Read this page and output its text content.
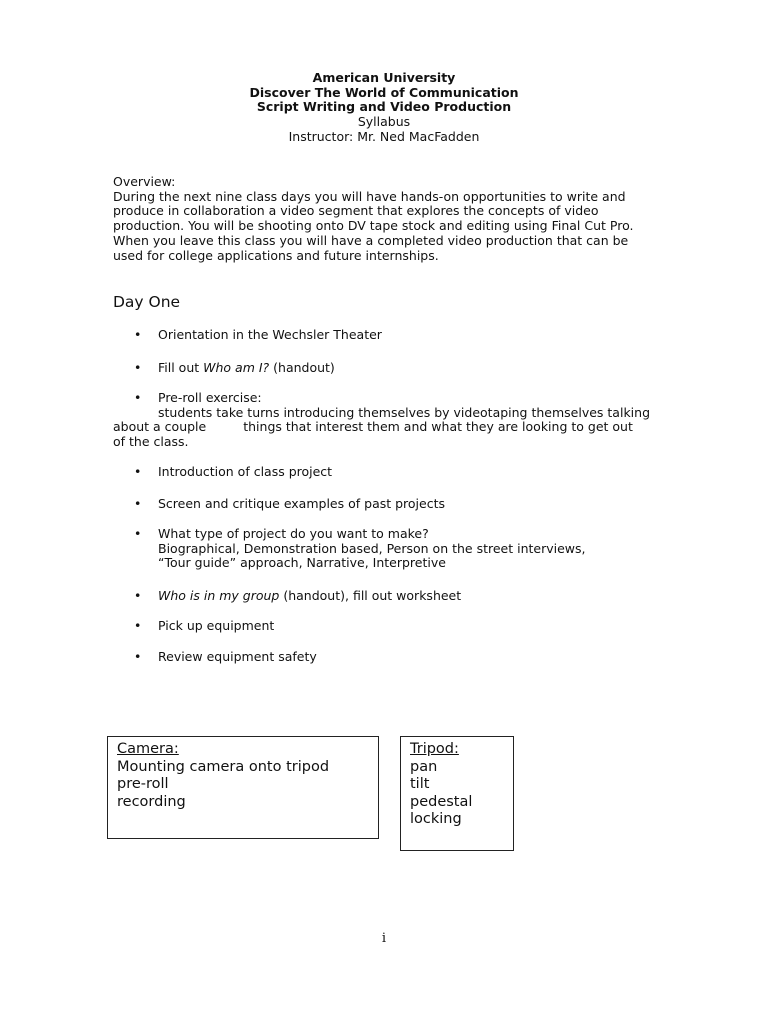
American University
Discover The World of Communication
Script Writing and Video Production
Syllabus
Instructor: Mr. Ned MacFadden

Overview:

During the next nine class days you will have hands-on opportunities to write and

produce in collaboration a video segment that explores the concepts of video

production. You will be shooting onto DV tape stock and editing using Final Cut Pro.

When you leave this class you will have a completed video production that can be

used for college applications and future internships.

Day One
• Orientation in the Wechsler Theater
• Fill out Who am I? (handout)
• Pre-roll exercise:
students take turns introducing themselves by videotaping themselves talking
about a couple	things that interest them and what they are looking to get out
of the class.
• Introduction of class project
• Screen and critique examples of past projects
• What type of project do you want to make?
Biographical, Demonstration based, Person on the street interviews,
“Tour guide” approach, Narrative, Interpretive
• Who is in my group (handout), fill out worksheet
• Pick up equipment
• Review equipment safety
Camera:
Mounting camera onto tripod
pre-roll
recording
Tripod:
pan
tilt
pedestal
locking
i
